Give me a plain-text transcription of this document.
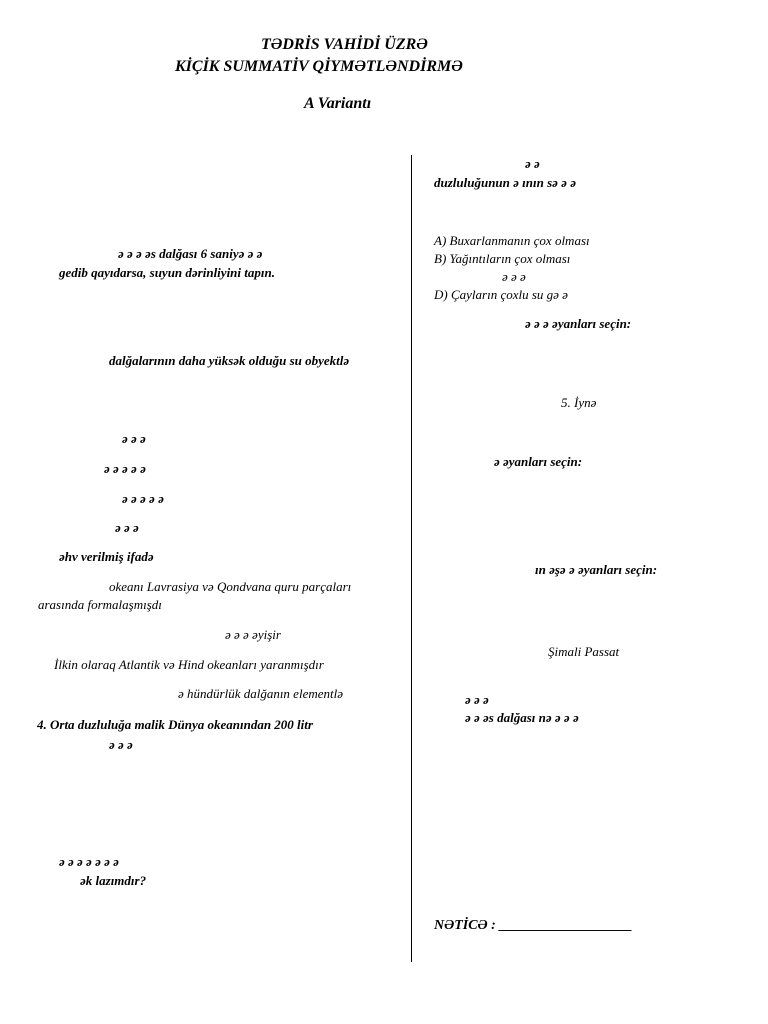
TƏDRİS VAHİDİ ÜZRƏ
KİÇİK SUMMATİV QİYMƏTLƏNDİRMƏ
A Variantı
ə ə ə əs dalğası 6 saniyə ə ə
gedib qayıdarsa, suyun dərinliyini tapın.
dalğalarının daha yüksək olduğu su obyektlə
ə ə ə
ə ə ə ə ə
ə ə ə ə ə
ə ə ə
əhv verilmiş ifadə
okeanı Lavrasiya və Qondvana quru parçaları
arasında formalaşmışdı
ə ə ə əyişir
İlkin olaraq Atlantik və Hind okeanları yaranmışdır
ə hündürlük dalğanın elementlə
4. Orta duzluluğa malik Dünya okeanından 200 litr
ə ə ə
ə ə ə ə ə ə ə
ək lazımdır?
ə ə
duzluluğunun ə ının sə ə ə
A) Buxarlanmanın çox olması
B) Yağıntıların çox olması
ə ə ə
D) Çayların çoxlu su gə ə
ə ə ə əyanları seçin:
5. İynə
ə əyanları seçin:
ın əşə ə əyanları seçin:
Şimali Passat
ə ə ə
ə ə əs dalğası nə ə ə ə
NƏTİCƏ : ___________________
